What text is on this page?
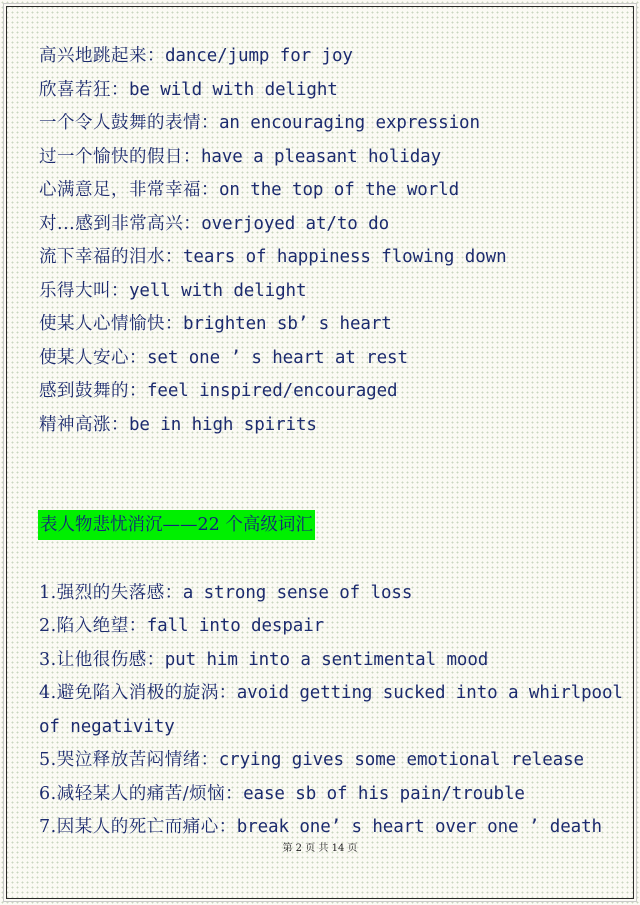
高兴地跳起来：dance/jump for joy
欣喜若狂：be wild with delight
一个令人鼓舞的表情：an encouraging expression
过一个愉快的假日：have a pleasant holiday
心满意足，非常幸福：on the top of the world
对...感到非常高兴：overjoyed at/to do
流下幸福的泪水：tears of happiness flowing down
乐得大叫：yell with delight
使某人心情愉快：brighten sb’ s heart
使某人安心：set one ’ s heart at rest
感到鼓舞的：feel inspired/encouraged
精神高涨：be in high spirits
表人物悲忧消沉——22 个高级词汇
1.强烈的失落感：a strong sense of loss
2.陷入绝望：fall into despair
3.让他很伤感：put him into a sentimental mood
4.避免陷入消极的旋涡：avoid getting sucked into a whirlpool
of negativity
5.哭泣释放苦闷情绪：crying gives some emotional release
6.减轻某人的痛苦/烦恼：ease sb of his pain/trouble
7.因某人的死亡而痛心：break one’ s heart over one ’ death
第 2 页 共 14 页
